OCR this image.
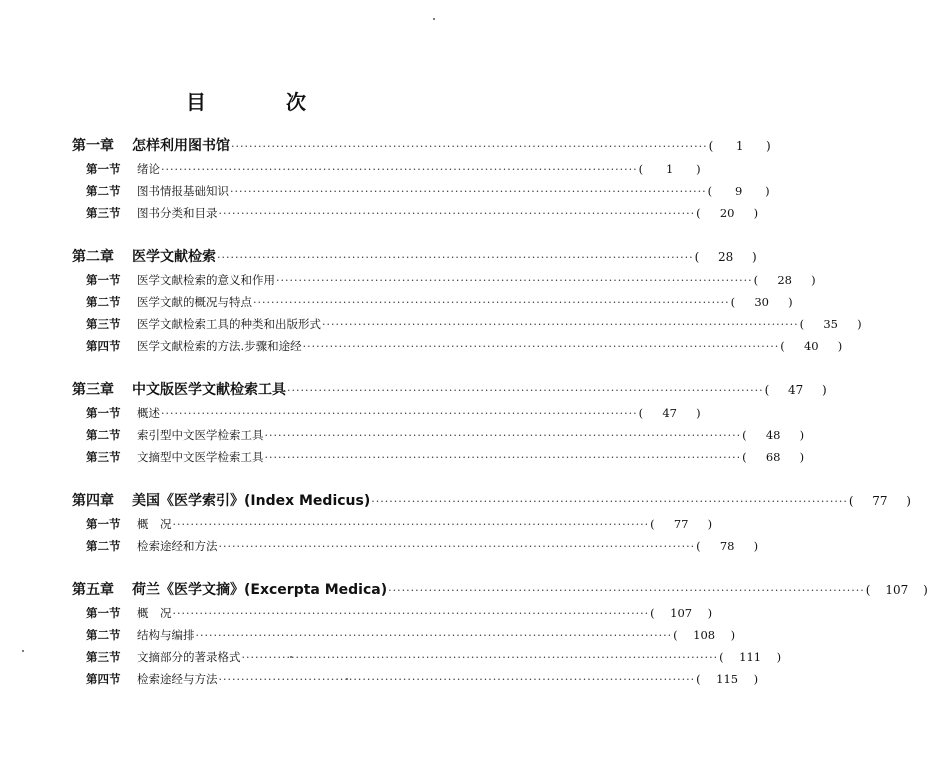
目　次
第一章	怎样利用图书馆 ·····	(	1	)
第一节	绪论 ·····	(	1	)
第二节	图书情报基础知识 ·····	(	9	)
第三节	图书分类和目录 ·····	(	20	)
第二章	医学文献检索 ·····	(	28	)
第一节	医学文献检索的意义和作用 ·····	(	28	)
第二节	医学文献的概况与特点 ·····	(	30	)
第三节	医学文献检索工具的种类和出版形式 ·····	(	35	)
第四节	医学文献检索的方法.步骤和途经 ·····	(	40	)
第三章	中文版医学文献检索工具 ·····	(	47	)
第一节	概述 ·····	(	47	)
第二节	索引型中文医学检索工具 ·····	(	48	)
第三节	文摘型中文医学检索工具 ·····	(	68	)
第四章	美国《医学索引》(Index Medicus) ·····	(	77	)
第一节	概　况 ·····	(	77	)
第二节	检索途经和方法 ·····	(	78	)
第五章	荷兰《医学文摘》(Excerpta Medica) ·····	(	107	)
第一节	概　况 ·····	(	107	)
第二节	结构与编排 ·····	(	108	)
第三节	文摘部分的著录格式 ·····	(	111	)
第四节	检索途经与方法 ·····	(	115	)
